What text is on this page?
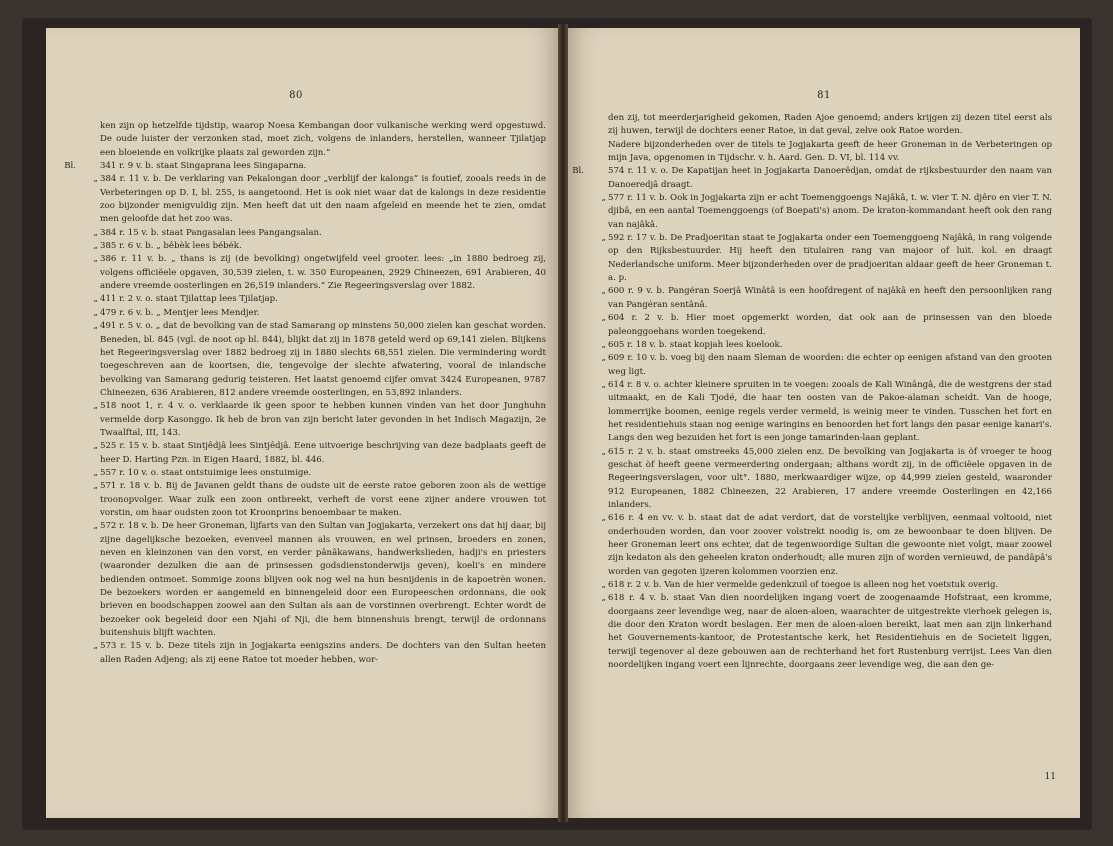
80

ken zijn op hetzelfde tijdstip, waarop Noesa Kembangan door vulkanische werking werd opgestuwd. De oude luister der verzonken stad, moet zich, volgens de inlanders, herstellen, wanneer Tjilatjap een bloeiende en volkrijke plaats zal geworden zijn.“

Bl.	341 r. 9 v. b. staat Singaprana lees Singaparna.

„ 384 r. 11 v. b. De verklaring van Pekalongan door „verblijf der kalongs“ is foutief, zooals reeds in de Verbeteringen op D. I, bl. 255, is aangetoond. Het is ook niet waar dat de kalongs in deze residentie zoo bijzonder menigvuldig zijn. Men heeft dat uit den naam afgeleid en meende het te zien, omdat men geloofde dat het zoo was.

„ 384 r. 15 v. b. staat Pangasalan lees Pangangsalan.

„ 385 r. 6 v. b. „ bêbèk lees bébék.

„ 386 r. 11 v. b. „ thans is zij (de bevolking) ongetwijfeld veel grooter. lees: „in 1880 bedroeg zij, volgens officiëele opgaven, 30,539 zielen, t. w. 350 Europeanen, 2929 Chineezen, 691 Arabieren, 40 andere vreemde oosterlingen en 26,519 inlanders.“ Zie Regeeringsverslag over 1882.

„ 411 r. 2 v. o. staat Tjilattap lees Tjilatjap.

„ 479 r. 6 v. b. „ Mentjer lees Mendjer.

„ 491 r. 5 v. o. „ dat de bevolking van de stad Samarang op minstens 50,000 zielen kan geschat worden. Beneden, bl. 845 (vgl. de noot op bl. 844), blijkt dat zij in 1878 geteld werd op 69,141 zielen. Blijkens het Regeeringsverslag over 1882 bedroeg zij in 1880 slechts 68,551 zielen. Die vermindering wordt toegeschreven aan de koortsen, die, tengevolge der slechte afwatering, vooral de inlandsche bevolking van Samarang gedurig teisteren. Het laatst genoemd cijfer omvat 3424 Europeanen, 9787 Chineezen, 636 Arabieren, 812 andere vreemde oosterlingen, en 53,892 inlanders.

„ 518 noot 1, r. 4 v. o. verklaarde ik geen spoor te hebben kunnen vinden van het door Junghuhn vermelde dorp Kasonggo. Ik heb de bron van zijn bericht later gevonden in het Indisch Magazijn, 2e Twaalftal, III, 143.

„ 525 r. 15 v. b. staat Sintjêdjâ lees Sintjêdjâ. Eene uitvoerige beschrijving van deze badplaats geeft de heer D. Harting Pzn. in Eigen Haard, 1882, bl. 446.

„ 557 r. 10 v. o. staat ontstuimige lees onstuimige.

„ 571 r. 18 v. b. Bij de Javanen geldt thans de oudste uit de eerste ratoe geboren zoon als de wettige troonopvolger. Waar zulk een zoon ontbreekt, verheft de vorst eene zijner andere vrouwen tot vorstin, om haar oudsten zoon tot Kroonprins benoembaar te maken.

„ 572 r. 18 v. b. De heer Groneman, lijfarts van den Sultan van Jogjakarta, verzekert ons dat hij daar, bij zijne dagelijksche bezoeken, evenveel mannen als vrouwen, en wel prinsen, broeders en zonen, neven en kleinzonen van den vorst, en verder pânâkawans, handwerkslieden, hadji's en priesters (waaronder dezulken die aan de prinsessen godsdienstonderwijs geven), koeli's en mindere bedienden ontmoet. Sommige zoons blijven ook nog wel na hun besnijdenis in de kapoetrèn wonen. De bezoekers worden er aangemeld en binnengeleid door een Europeeschen ordonnans, die ook brieven en boodschappen zoowel aan den Sultan als aan de vorstinnen overbrengt. Echter wordt de bezoeker ook begeleid door een Njahi of Nji, die hem binnenshuis brengt, terwijl de ordonnans buitenshuis blijft wachten.

„ 573 r. 15 v. b. Deze titels zijn in Jogjakarta eenigszins anders. De dochters van den Sultan heeten allen Raden Adjeng; als zij eene Ratoe tot moeder hebben, wor-

81

den zij, tot meerderjarigheid gekomen, Raden Ajoe genoemd; anders krijgen zij dezen titel eerst als zij huwen, terwijl de dochters eener Ratoe, in dat geval, zelve ook Ratoe worden.

Nadere bijzonderheden over de titels te Jogjakarta geeft de heer Groneman in de Verbeteringen op mijn Java, opgenomen in Tijdschr. v. h. Aard. Gen. D. VI, bl. 114 vv.

Bl.	574 r. 11 v. o. De Kapatijan heet in Jogjakarta Danoerêdjan, omdat de rijksbestuurder den naam van Danoeredjâ draagt.

„ 577 r. 11 v. b. Ook in Jogjakarta zijn er acht Toemenggoengs Najâkâ, t. w. vier T. N. djêro en vier T. N. djibâ, en een aantal Toemenggoengs (of Boepati's) anom. De kraton-kommandant heeft ook den rang van najâkâ.

„ 592 r. 17 v. b. De Pradjoeritan staat te Jogjakarta onder een Toemenggoeng Najâkâ, in rang volgende op den Rijksbestuurder. Hij heeft den titulairen rang van majoor of luit. kol. en draagt Nederlandsche uniform. Meer bijzonderheden over de pradjoeritan aldaar geeft de heer Groneman t. a. p.

„ 600 r. 9 v. b. Pangéran Soerjâ Winâtâ is een hoofdregent of najâkâ en heeft den persoonlijken rang van Pangéran sentânâ.

„ 604 r. 2 v. b. Hier moet opgemerkt worden, dat ook aan de prinsessen van den bloede paleonggoehans worden toegekend.

„ 605 r. 18 v. b. staat kopjah lees koelook.

„ 609 r. 10 v. b. voeg bij den naam Sleman de woorden: die echter op eenigen afstand van den grooten weg ligt.

„ 614 r. 8 v. o. achter kleinere spruiten in te voegen: zooals de Kali Winângâ, die de westgrens der stad uitmaakt, en de Kali Tjodé, die haar ten oosten van de Pakoe-alaman scheidt. Van de hooge, lommerrijke boomen, eenige regels verder vermeld, is weinig meer te vinden. Tusschen het fort en het residentiehuis staan nog eenige waringins en benoorden het fort langs den pasar eenige kanari's. Langs den weg bezuiden het fort is een jonge tamarinden-laan geplant.

„ 615 r. 2 v. b. staat omstreeks 45,000 zielen enz. De bevolking van Jogjakarta is òf vroeger te hoog geschat òf heeft geene vermeerdering ondergaan; althans wordt zij, in de officiëele opgaven in de Regeeringsverslagen, voor ult°. 1880, merkwaardiger wijze, op 44,999 zielen gesteld, waaronder 912 Europeanen, 1882 Chineezen, 22 Arabieren, 17 andere vreemde Oosterlingen en 42,166 inlanders.

„ 616 r. 4 en vv. v. b. staat dat de adat verdort, dat de vorstelijke verblijven, eenmaal voltooid, niet onderhouden worden, dan voor zoover volstrekt noodig is, om ze bewoonbaar te doen blijven. De heer Groneman leert ons echter, dat de tegenwoordige Sultan die gewoonte niet volgt, maar zoowel zijn kedaton als den geheelen kraton onderhoudt; alle muren zijn of worden vernieuwd, de pandâpâ's worden van gegoten ijzeren kolommen voorzien enz.

„ 618 r. 2 v. b. Van de hier vermelde gedenkzuil of toegoe is alleen nog het voetstuk overig.

„ 618 r. 4 v. b. staat Van dien noordelijken ingang voert de zoogenaamde Hofstraat, een kromme, doorgaans zeer levendige weg, naar de aloen-aloen, waarachter de uitgestrekte vierhoek gelegen is, die door den Kraton wordt beslagen. Eer men de aloen-aloen bereikt, laat men aan zijn linkerhand het Gouvernements-kantoor, de Protestantsche kerk, het Residentiehuis en de Societeit liggen, terwijl tegenover al deze gebouwen aan de rechterhand het fort Rustenburg verrijst. Lees Van dien noordelijken ingang voert een lijnrechte, doorgaans zeer levendige weg, die aan den ge-

11
